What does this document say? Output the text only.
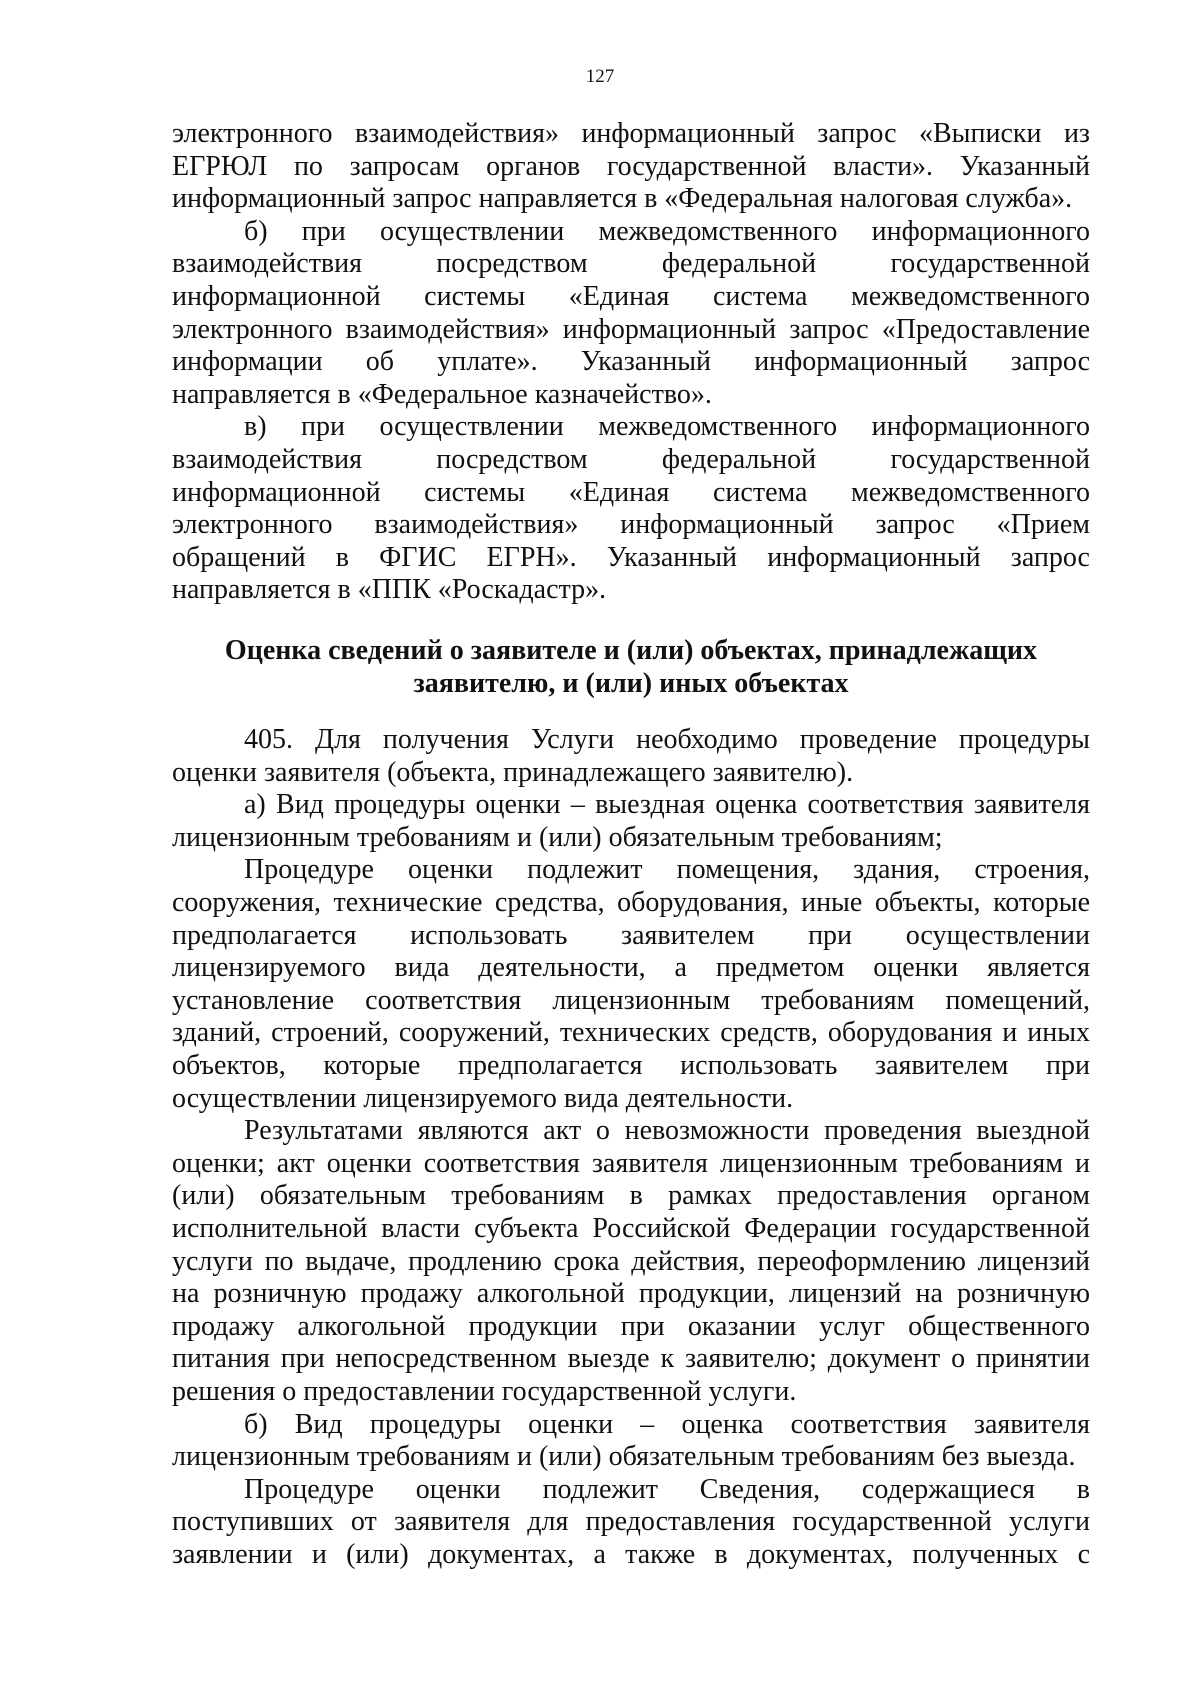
127
электронного взаимодействия» информационный запрос «Выписки из
ЕГРЮЛ по запросам органов государственной власти». Указанный
информационный запрос направляется в «Федеральная налоговая служба».
б) при осуществлении межведомственного информационного
взаимодействия посредством федеральной государственной
информационной системы «Единая система межведомственного
электронного взаимодействия» информационный запрос «Предоставление
информации об уплате». Указанный информационный запрос
направляется в «Федеральное казначейство».
в) при осуществлении межведомственного информационного
взаимодействия посредством федеральной государственной
информационной системы «Единая система межведомственного
электронного взаимодействия» информационный запрос «Прием
обращений в ФГИС ЕГРН». Указанный информационный запрос
направляется в «ППК «Роскадастр».
Оценка сведений о заявителе и (или) объектах, принадлежащих
заявителю, и (или) иных объектах
405. Для получения Услуги необходимо проведение процедуры
оценки заявителя (объекта, принадлежащего заявителю).
а) Вид процедуры оценки – выездная оценка соответствия заявителя
лицензионным требованиям и (или) обязательным требованиям;
Процедуре оценки подлежит помещения, здания, строения,
сооружения, технические средства, оборудования, иные объекты, которые
предполагается использовать заявителем при осуществлении
лицензируемого вида деятельности, а предметом оценки является
установление соответствия лицензионным требованиям помещений,
зданий, строений, сооружений, технических средств, оборудования и иных
объектов, которые предполагается использовать заявителем при
осуществлении лицензируемого вида деятельности.
Результатами являются акт о невозможности проведения выездной
оценки; акт оценки соответствия заявителя лицензионным требованиям и
(или) обязательным требованиям в рамках предоставления органом
исполнительной власти субъекта Российской Федерации государственной
услуги по выдаче, продлению срока действия, переоформлению лицензий
на розничную продажу алкогольной продукции, лицензий на розничную
продажу алкогольной продукции при оказании услуг общественного
питания при непосредственном выезде к заявителю; документ о принятии
решения о предоставлении государственной услуги.
б) Вид процедуры оценки – оценка соответствия заявителя
лицензионным требованиям и (или) обязательным требованиям без выезда.
Процедуре оценки подлежит Сведения, содержащиеся в
поступивших от заявителя для предоставления государственной услуги
заявлении и (или) документах, а также в документах, полученных с
